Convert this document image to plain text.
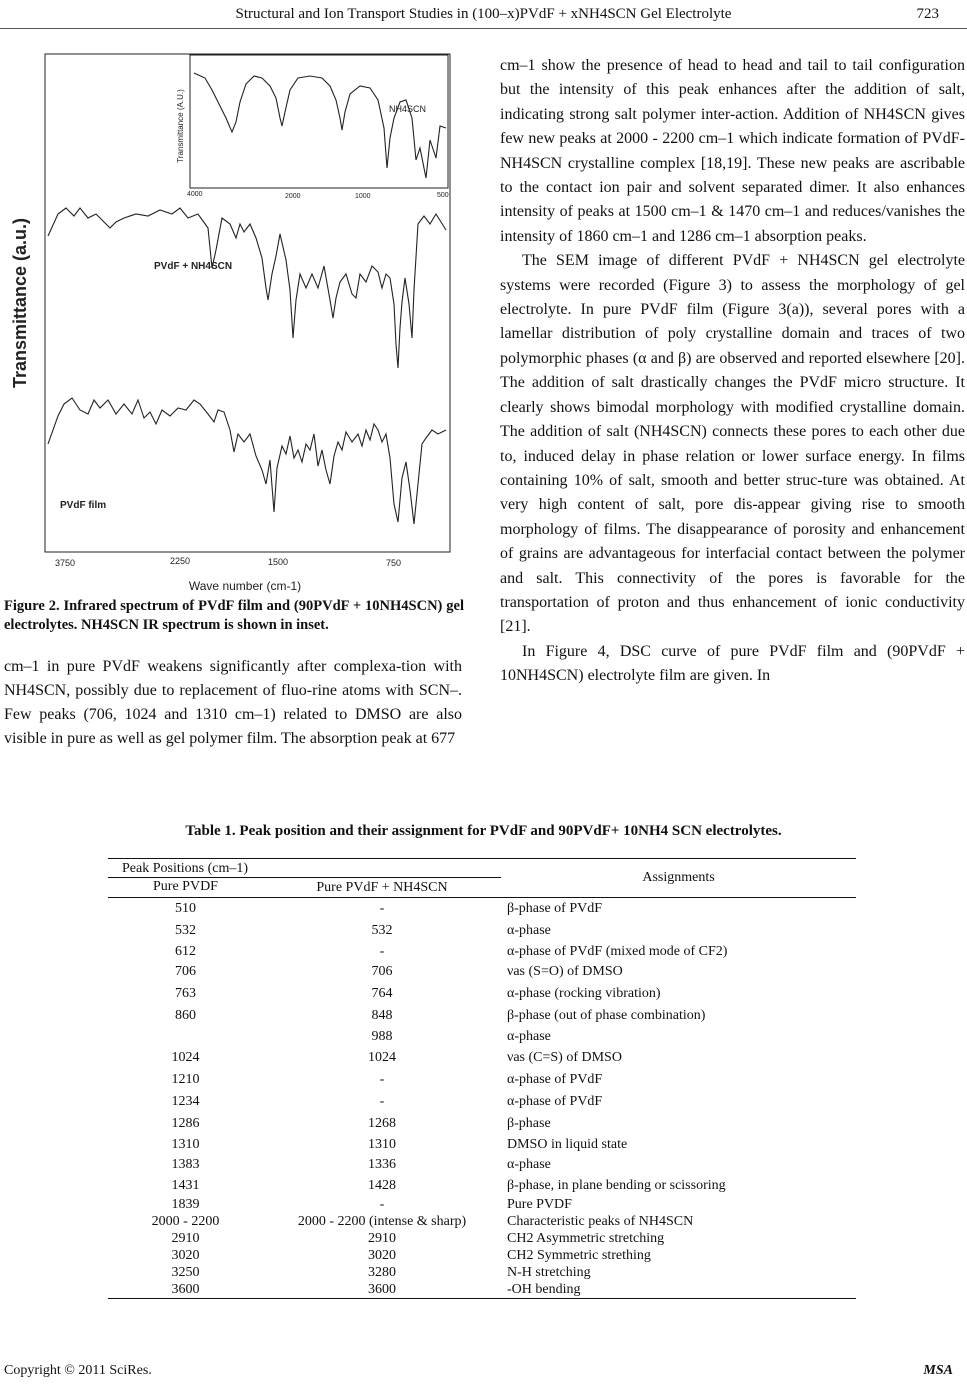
Structural and Ion Transport Studies in (100–x)PVdF + xNH4SCN Gel Electrolyte	723
Transmittance (a.u.)
3750	2250	1500	750
Wave number (cm-1)
Transmittance (A.U.)	NH4SCN
4000	2000	1000	500
PVdF + NH4SCN
PVdF film
Figure 2. Infrared spectrum of PVdF film and (90PVdF + 10NH4SCN) gel electrolytes. NH4SCN IR spectrum is shown in inset.
cm–1 in pure PVdF weakens significantly after complexa-tion with NH4SCN, possibly due to replacement of fluo-rine atoms with SCN–. Few peaks (706, 1024 and 1310 cm–1) related to DMSO are also visible in pure as well as gel polymer film. The absorption peak at 677

cm–1 show the presence of head to head and tail to tail configuration but the intensity of this peak enhances after the addition of salt, indicating strong salt polymer inter-action. Addition of NH4SCN gives few new peaks at 2000 - 2200 cm–1 which indicate formation of PVdF-NH4SCN crystalline complex [18,19]. These new peaks are ascribable to the contact ion pair and solvent separated dimer. It also enhances intensity of peaks at 1500 cm–1 & 1470 cm–1 and reduces/vanishes the intensity of 1860 cm–1 and 1286 cm–1 absorption peaks.

The SEM image of different PVdF + NH4SCN gel electrolyte systems were recorded (Figure 3) to assess the morphology of gel electrolyte. In pure PVdF film (Figure 3(a)), several pores with a lamellar distribution of poly crystalline domain and traces of two polymorphic phases (α and β) are observed and reported elsewhere [20]. The addition of salt drastically changes the PVdF micro structure. It clearly shows bimodal morphology with modified crystalline domain. The addition of salt (NH4SCN) connects these pores to each other due to, induced delay in phase relation or lower surface energy. In films containing 10% of salt, smooth and better struc-ture was obtained. At very high content of salt, pore dis-appear giving rise to smooth morphology of films. The disappearance of porosity and enhancement of grains are advantageous for interfacial contact between the polymer and salt. This connectivity of the pores is favorable for the transportation of proton and thus enhancement of ionic conductivity [21].

In Figure 4, DSC curve of pure PVdF film and (90PVdF + 10NH4SCN) electrolyte film are given. In

Table 1. Peak position and their assignment for PVdF and 90PVdF+ 10NH4 SCN electrolytes.
Peak Positions (cm–1)		Assignments
Pure PVDF	Pure PVdF + NH4SCN	
510	-	β-phase of PVdF
532	532	α-phase
612	-	α-phase of PVdF (mixed mode of CF2)
706	706	νas (S=O) of DMSO
763	764	α-phase (rocking vibration)
860	848	β-phase (out of phase combination)
	988	α-phase
1024	1024	νas (C=S) of DMSO
1210	-	α-phase of PVdF
1234	-	α-phase of PVdF
1286	1268	β-phase
1310	1310	DMSO in liquid state
1383	1336	α-phase
1431	1428	β-phase, in plane bending or scissoring
1839	-	Pure PVDF
2000 - 2200	2000 - 2200 (intense & sharp)	Characteristic peaks of NH4SCN
2910	2910	CH2 Asymmetric stretching
3020	3020	CH2 Symmetric strething
3250	3280	N-H stretching
3600	3600	-OH bending
Copyright © 2011 SciRes.	MSA
